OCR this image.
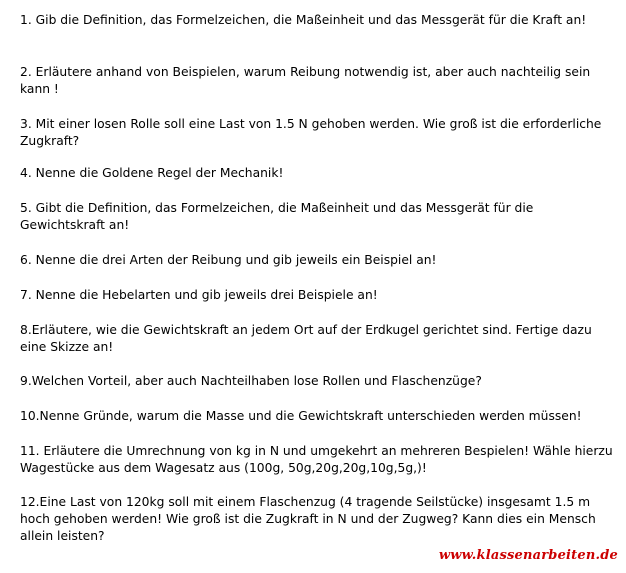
1. Gib die Definition, das Formelzeichen, die Maßeinheit und das Messgerät für die Kraft an!

2. Erläutere anhand von Beispielen, warum Reibung notwendig ist, aber auch nachteilig sein kann !

3. Mit einer losen Rolle soll eine Last von 1.5 N gehoben werden. Wie groß ist die erforderliche Zugkraft?

4. Nenne die Goldene Regel der Mechanik!

5. Gibt die Definition, das Formelzeichen, die Maßeinheit und das Messgerät für die Gewichtskraft an!

6. Nenne die drei Arten der Reibung und gib jeweils ein Beispiel an!

7. Nenne die Hebelarten und gib jeweils drei Beispiele an!

8.Erläutere, wie die Gewichtskraft an jedem Ort auf der Erdkugel gerichtet sind. Fertige dazu eine Skizze an!

9.Welchen Vorteil, aber auch Nachteilhaben lose Rollen und Flaschenzüge?

10.Nenne Gründe, warum die Masse und die Gewichtskraft unterschieden werden müssen!

11. Erläutere die Umrechnung von kg in N und umgekehrt an mehreren Bespielen! Wähle hierzu Wagestücke aus dem Wagesatz aus (100g, 50g,20g,20g,10g,5g,)!

12.Eine Last von 120kg soll mit einem Flaschenzug (4 tragende Seilstücke) insgesamt 1.5 m hoch gehoben werden! Wie groß ist die Zugkraft in N und der Zugweg? Kann dies ein Mensch allein leisten?

www.klassenarbeiten.de
